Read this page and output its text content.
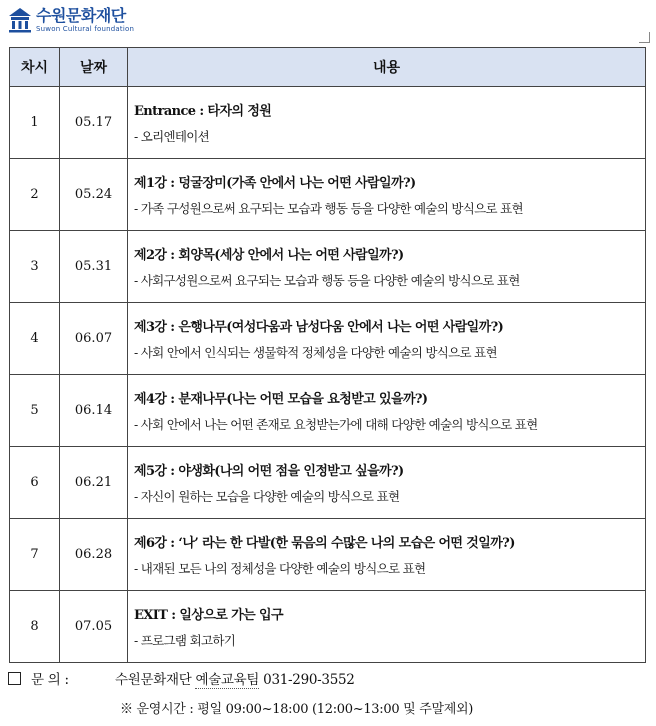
수원문화재단
Suwon Cultural foundation
차시	날짜	내용
1	05.17	Entrance : 타자의 정원
- 오리엔테이션

2	05.24	제1강 : 덩굴장미(가족 안에서 나는 어떤 사람일까?)
- 가족 구성원으로써 요구되는 모습과 행동 등을 다양한 예술의 방식으로 표현

3	05.31	제2강 : 회양목(세상 안에서 나는 어떤 사람일까?)
- 사회구성원으로써 요구되는 모습과 행동 등을 다양한 예술의 방식으로 표현

4	06.07	제3강 : 은행나무(여성다움과 남성다움 안에서 나는 어떤 사람일까?)
- 사회 안에서 인식되는 생물학적 정체성을 다양한 예술의 방식으로 표현

5	06.14	제4강 : 분재나무(나는 어떤 모습을 요청받고 있을까?)
- 사회 안에서 나는 어떤 존재로 요청받는가에 대해 다양한 예술의 방식으로 표현

6	06.21	제5강 : 야생화(나의 어떤 점을 인정받고 싶을까?)
- 자신이 원하는 모습을 다양한 예술의 방식으로 표현

7	06.28	제6강 : ‘나’ 라는 한 다발(한 묶음의 수많은 나의 모습은 어떤 것일까?)
- 내재된 모든 나의 정체성을 다양한 예술의 방식으로 표현

8	07.05	EXIT : 일상으로 가는 입구
- 프로그램 회고하기
문 의 :	수원문화재단 예술교육팀 031-290-3552
※ 운영시간 : 평일 09:00~18:00 (12:00~13:00 및 주말제외)
